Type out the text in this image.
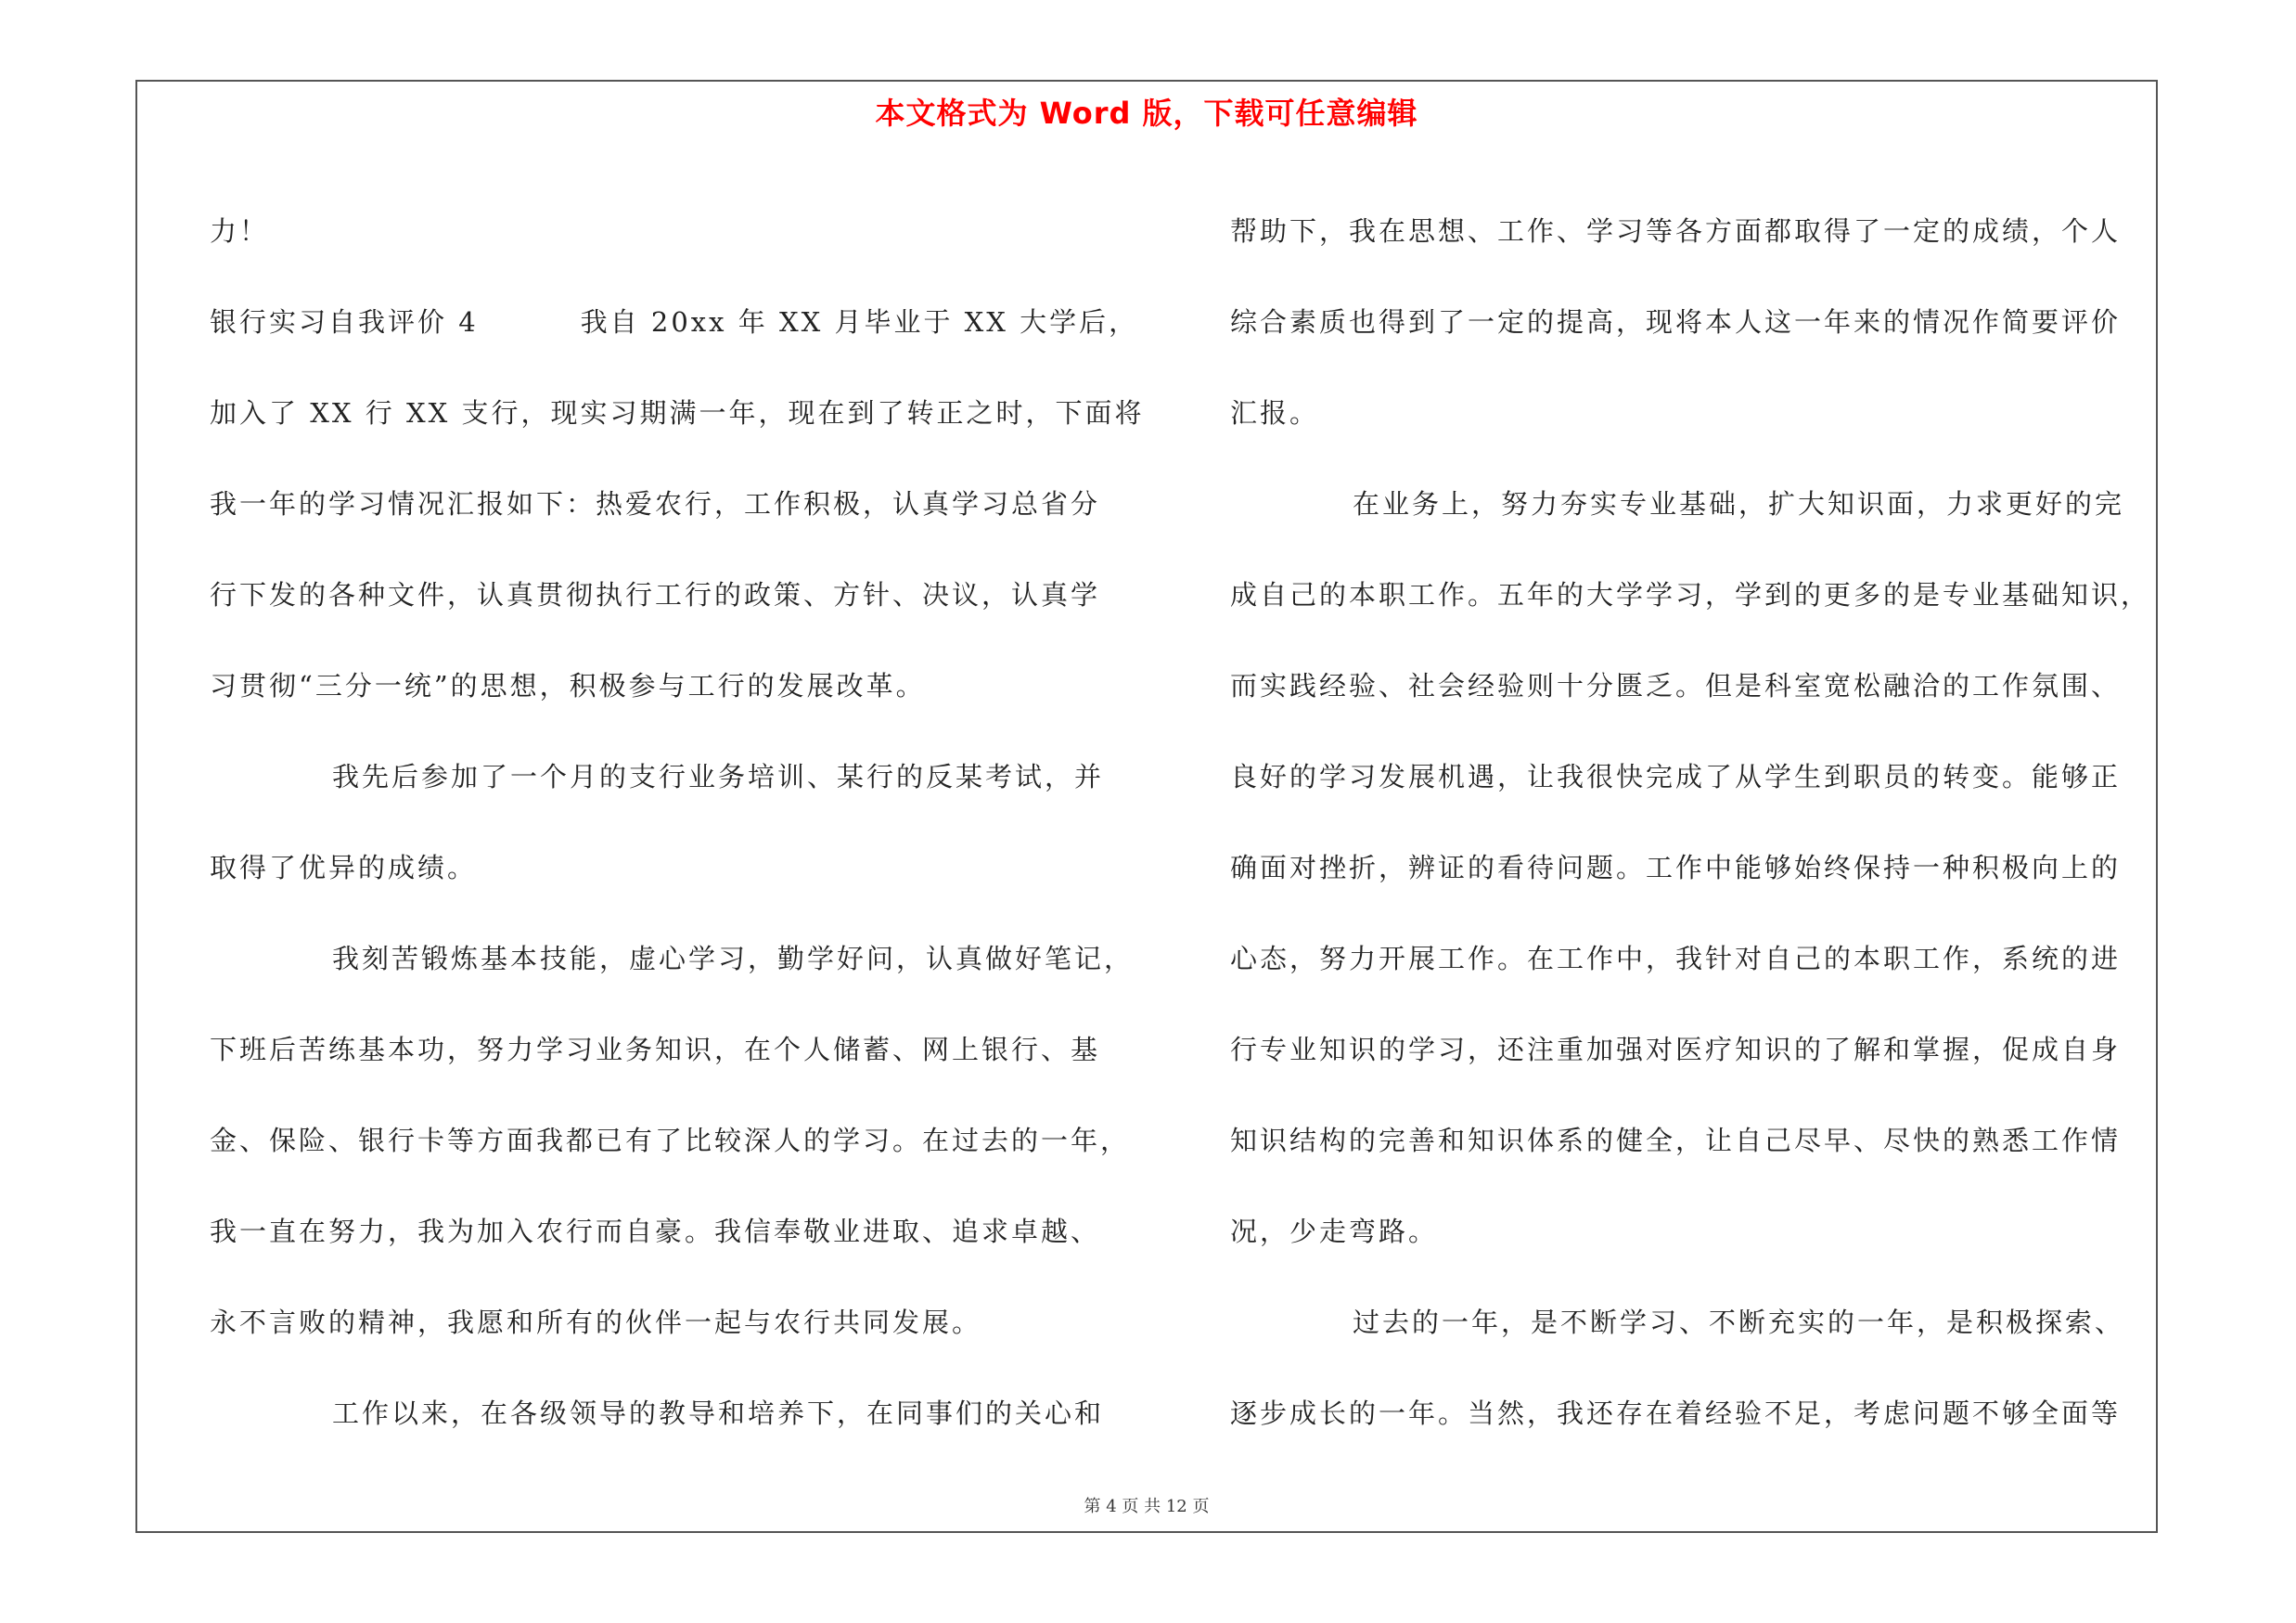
本文格式为 Word 版，下载可任意编辑
力！
银行实习自我评价 4	我自 20xx 年 XX 月毕业于 XX 大学后，
加入了 XX 行 XX 支行，现实习期满一年，现在到了转正之时，下面将
我一年的学习情况汇报如下：热爱农行，工作积极，认真学习总省分
行下发的各种文件，认真贯彻执行工行的政策、方针、决议，认真学
习贯彻“三分一统”的思想，积极参与工行的发展改革。
我先后参加了一个月的支行业务培训、某行的反某考试，并
取得了优异的成绩。
我刻苦锻炼基本技能，虚心学习，勤学好问，认真做好笔记，
下班后苦练基本功，努力学习业务知识，在个人储蓄、网上银行、基
金、保险、银行卡等方面我都已有了比较深人的学习。在过去的一年，
我一直在努力，我为加入农行而自豪。我信奉敬业进取、追求卓越、
永不言败的精神，我愿和所有的伙伴一起与农行共同发展。
工作以来，在各级领导的教导和培养下，在同事们的关心和
帮助下，我在思想、工作、学习等各方面都取得了一定的成绩，个人
综合素质也得到了一定的提高，现将本人这一年来的情况作简要评价
汇报。
在业务上，努力夯实专业基础，扩大知识面，力求更好的完
成自己的本职工作。五年的大学学习，学到的更多的是专业基础知识，
而实践经验、社会经验则十分匮乏。但是科室宽松融洽的工作氛围、
良好的学习发展机遇，让我很快完成了从学生到职员的转变。能够正
确面对挫折，辨证的看待问题。工作中能够始终保持一种积极向上的
心态，努力开展工作。在工作中，我针对自己的本职工作，系统的进
行专业知识的学习，还注重加强对医疗知识的了解和掌握，促成自身
知识结构的完善和知识体系的健全，让自己尽早、尽快的熟悉工作情
况，少走弯路。
过去的一年，是不断学习、不断充实的一年，是积极探索、
逐步成长的一年。当然，我还存在着经验不足，考虑问题不够全面等
第 4 页 共 12 页
